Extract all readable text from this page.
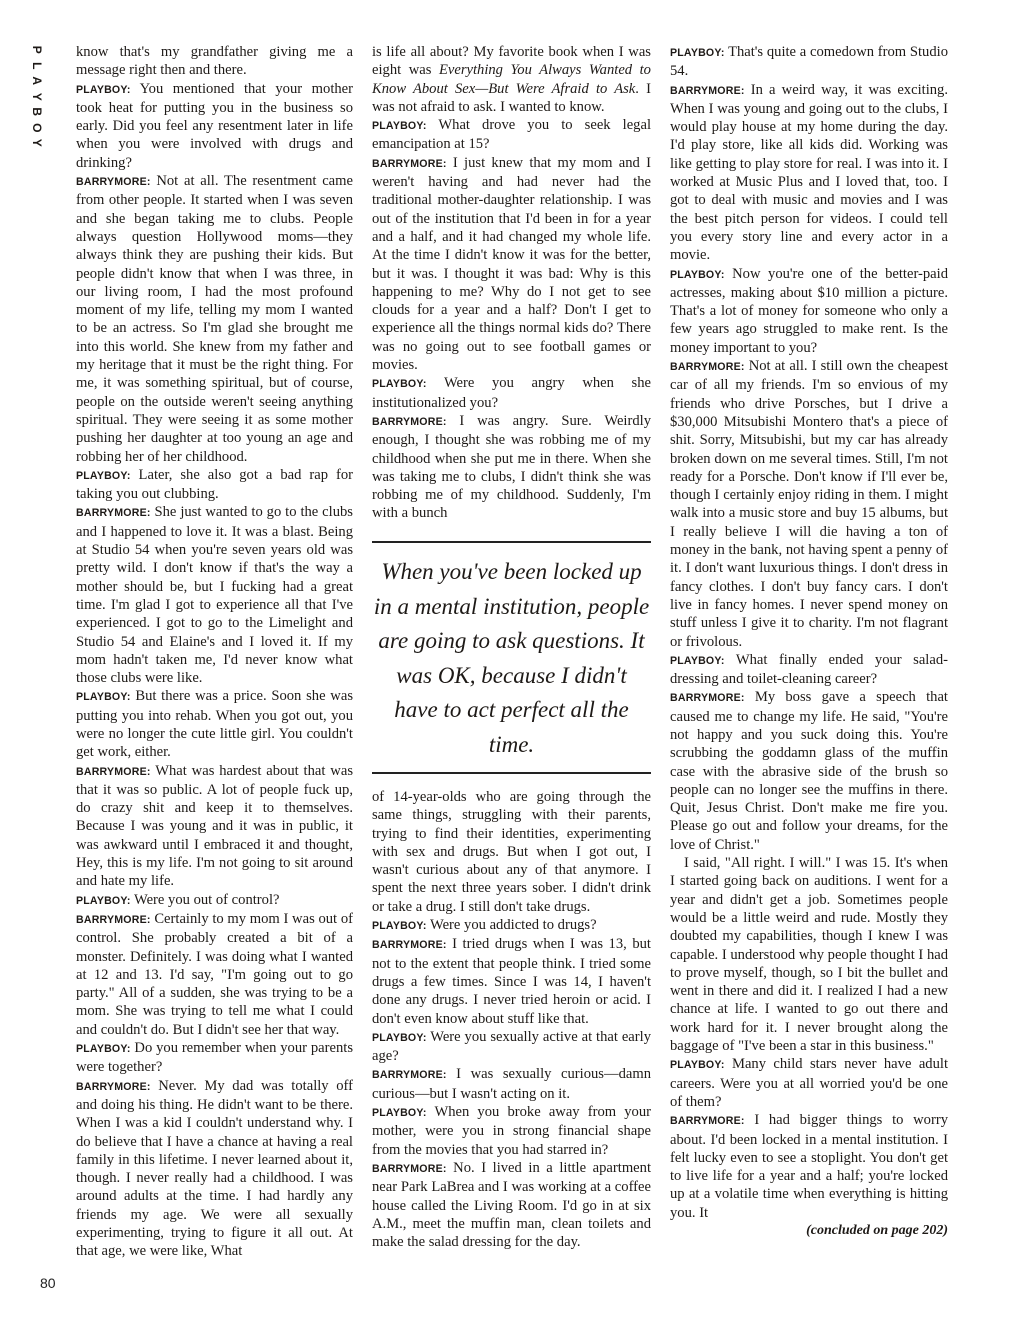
P
L
A
Y
B
O
Y
80

know that's my grandfather giving me a message right then and there.

PLAYBOY: You mentioned that your mother took heat for putting you in the business so early. Did you feel any resentment later in life when you were involved with drugs and drinking?

BARRYMORE: Not at all. The resentment came from other people. It started when I was seven and she began taking me to clubs. People always question Hollywood moms—they always think they are pushing their kids. But people didn't know that when I was three, in our living room, I had the most profound moment of my life, telling my mom I wanted to be an actress. So I'm glad she brought me into this world. She knew from my father and my heritage that it must be the right thing. For me, it was something spiritual, but of course, people on the outside weren't seeing anything spiritual. They were seeing it as some mother pushing her daughter at too young an age and robbing her of her childhood.

PLAYBOY: Later, she also got a bad rap for taking you out clubbing.

BARRYMORE: She just wanted to go to the clubs and I happened to love it. It was a blast. Being at Studio 54 when you're seven years old was pretty wild. I don't know if that's the way a mother should be, but I fucking had a great time. I'm glad I got to experience all that I've experienced. I got to go to the Limelight and Studio 54 and Elaine's and I loved it. If my mom hadn't taken me, I'd never know what those clubs were like.

PLAYBOY: But there was a price. Soon she was putting you into rehab. When you got out, you were no longer the cute little girl. You couldn't get work, either.

BARRYMORE: What was hardest about that was that it was so public. A lot of people fuck up, do crazy shit and keep it to themselves. Because I was young and it was in public, it was awkward until I embraced it and thought, Hey, this is my life. I'm not going to sit around and hate my life.

PLAYBOY: Were you out of control?

BARRYMORE: Certainly to my mom I was out of control. She probably created a bit of a monster. Definitely. I was doing what I wanted at 12 and 13. I'd say, "I'm going out to go party." All of a sudden, she was trying to be a mom. She was trying to tell me what I could and couldn't do. But I didn't see her that way.

PLAYBOY: Do you remember when your parents were together?

BARRYMORE: Never. My dad was totally off and doing his thing. He didn't want to be there. When I was a kid I couldn't understand why. I do believe that I have a chance at having a real family in this lifetime. I never learned about it, though. I never really had a childhood. I was around adults at the time. I had hardly any friends my age. We were all sexually experimenting, trying to figure it all out. At that age, we were like, What

is life all about? My favorite book when I was eight was Everything You Always Wanted to Know About Sex—But Were Afraid to Ask. I was not afraid to ask. I wanted to know.

PLAYBOY: What drove you to seek legal emancipation at 15?

BARRYMORE: I just knew that my mom and I weren't having and had never had the traditional mother-daughter relationship. I was out of the institution that I'd been in for a year and a half, and it had changed my whole life. At the time I didn't know it was for the better, but it was. I thought it was bad: Why is this happening to me? Why do I not get to see clouds for a year and a half? Don't I get to experience all the things normal kids do? There was no going out to see football games or movies.

PLAYBOY: Were you angry when she institutionalized you?

BARRYMORE: I was angry. Sure. Weirdly enough, I thought she was robbing me of my childhood when she put me in there. When she was taking me to clubs, I didn't think she was robbing me of my childhood. Suddenly, I'm with a bunch

When you've been locked up in a mental institution, people are going to ask questions. It was OK, because I didn't have to act perfect all the time.

of 14-year-olds who are going through the same things, struggling with their parents, trying to find their identities, experimenting with sex and drugs. But when I got out, I wasn't curious about any of that anymore. I spent the next three years sober. I didn't drink or take a drug. I still don't take drugs.

PLAYBOY: Were you addicted to drugs?

BARRYMORE: I tried drugs when I was 13, but not to the extent that people think. I tried some drugs a few times. Since I was 14, I haven't done any drugs. I never tried heroin or acid. I don't even know about stuff like that.

PLAYBOY: Were you sexually active at that early age?

BARRYMORE: I was sexually curious—damn curious—but I wasn't acting on it.

PLAYBOY: When you broke away from your mother, were you in strong financial shape from the movies that you had starred in?

BARRYMORE: No. I lived in a little apartment near Park LaBrea and I was working at a coffee house called the Living Room. I'd go in at six A.M., meet the muffin man, clean toilets and make the salad dressing for the day.

PLAYBOY: That's quite a comedown from Studio 54.

BARRYMORE: In a weird way, it was exciting. When I was young and going out to the clubs, I would play house at my home during the day. I'd play store, like all kids did. Working was like getting to play store for real. I was into it. I worked at Music Plus and I loved that, too. I got to deal with music and movies and I was the best pitch person for videos. I could tell you every story line and every actor in a movie.

PLAYBOY: Now you're one of the better-paid actresses, making about $10 million a picture. That's a lot of money for someone who only a few years ago struggled to make rent. Is the money important to you?

BARRYMORE: Not at all. I still own the cheapest car of all my friends. I'm so envious of my friends who drive Porsches, but I drive a $30,000 Mitsubishi Montero that's a piece of shit. Sorry, Mitsubishi, but my car has already broken down on me several times. Still, I'm not ready for a Porsche. Don't know if I'll ever be, though I certainly enjoy riding in them. I might walk into a music store and buy 15 albums, but I really believe I will die having a ton of money in the bank, not having spent a penny of it. I don't want luxurious things. I don't dress in fancy clothes. I don't buy fancy cars. I don't live in fancy homes. I never spend money on stuff unless I give it to charity. I'm not flagrant or frivolous.

PLAYBOY: What finally ended your salad-dressing and toilet-cleaning career?

BARRYMORE: My boss gave a speech that caused me to change my life. He said, "You're not happy and you suck doing this. You're scrubbing the goddamn glass of the muffin case with the abrasive side of the brush so people can no longer see the muffins in there. Quit, Jesus Christ. Don't make me fire you. Please go out and follow your dreams, for the love of Christ."

I said, "All right. I will." I was 15. It's when I started going back on auditions. I went for a year and didn't get a job. Sometimes people would be a little weird and rude. Mostly they doubted my capabilities, though I knew I was capable. I understood why people thought I had to prove myself, though, so I bit the bullet and went in there and did it. I realized I had a new chance at life. I wanted to go out there and work hard for it. I never brought along the baggage of "I've been a star in this business."

PLAYBOY: Many child stars never have adult careers. Were you at all worried you'd be one of them?

BARRYMORE: I had bigger things to worry about. I'd been locked in a mental institution. I felt lucky even to see a stoplight. You don't get to live life for a year and a half; you're locked up at a volatile time when everything is hitting you. It

(concluded on page 202)
